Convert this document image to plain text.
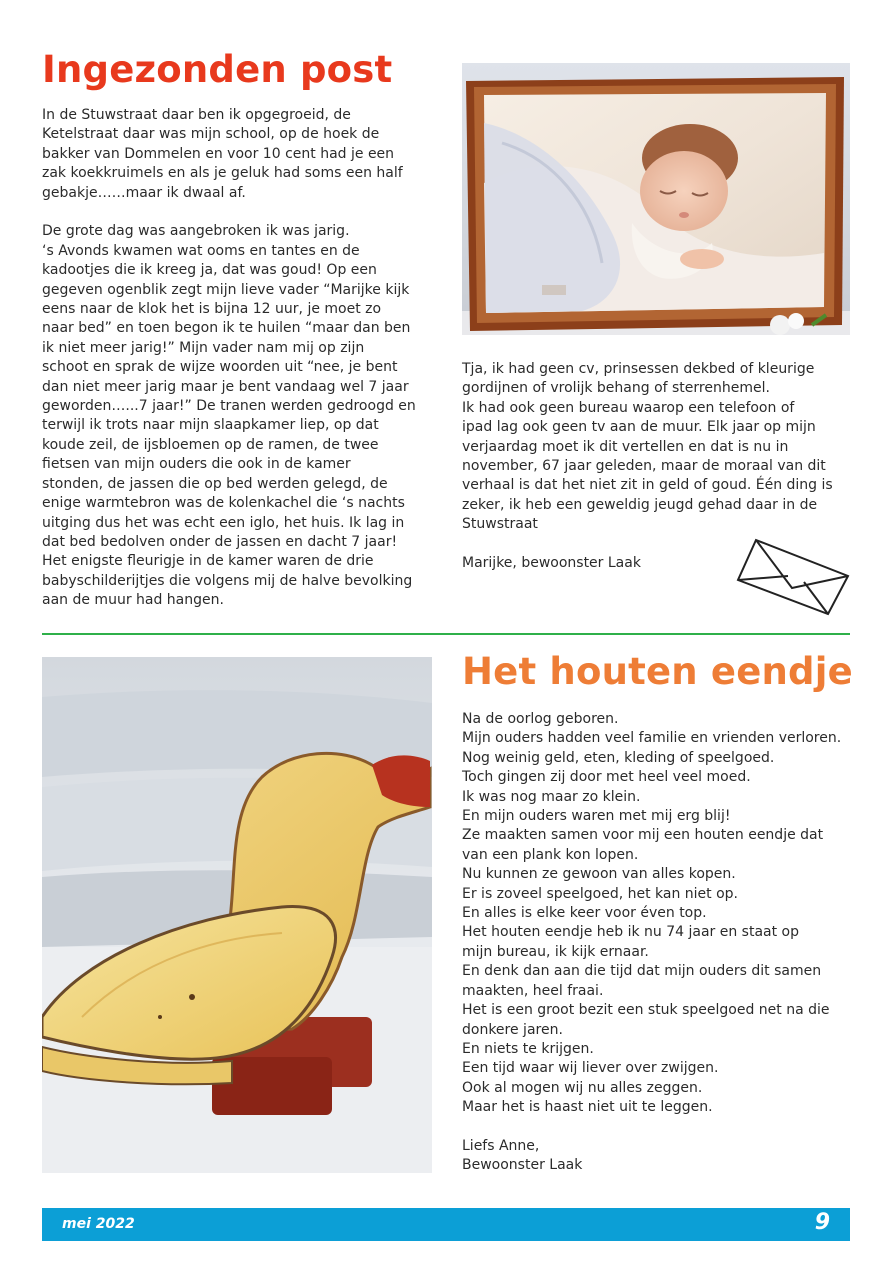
Ingezonden post

In de Stuwstraat daar ben ik opgegroeid, de
Ketelstraat daar was mijn school, op de hoek de
bakker van Dommelen en voor 10 cent had je een
zak koekkruimels en als je geluk had soms een half
gebakje……maar ik dwaal af.

De grote dag was aangebroken ik was jarig.
‘s Avonds kwamen wat ooms en tantes en de
kadootjes die ik kreeg ja, dat was goud! Op een
gegeven ogenblik zegt mijn lieve vader “Marijke kijk
eens naar de klok het is bijna 12 uur, je moet zo
naar bed” en toen begon ik te huilen “maar dan ben
ik niet meer jarig!” Mijn vader nam mij op zijn
schoot en sprak de wijze woorden uit “nee, je bent
dan niet meer jarig maar je bent vandaag wel 7 jaar
geworden…...7 jaar!” De tranen werden gedroogd en
terwijl ik trots naar mijn slaapkamer liep, op dat
koude zeil, de ijsbloemen op de ramen, de twee
fietsen van mijn ouders die ook in de kamer
stonden, de jassen die op bed werden gelegd, de
enige warmtebron was de kolenkachel die ‘s nachts
uitging dus het was echt een iglo, het huis. Ik lag in
dat bed bedolven onder de jassen en dacht 7 jaar!
Het enigste fleurigje in de kamer waren de drie
babyschilderijtjes die volgens mij de halve bevolking
aan de muur had hangen.

Tja, ik had geen cv, prinsessen dekbed of kleurige
gordijnen of vrolijk behang of sterrenhemel.
Ik had ook geen bureau waarop een telefoon of
ipad lag ook geen tv aan de muur. Elk jaar op mijn
verjaardag moet ik dit vertellen en dat is nu in
november, 67 jaar geleden, maar de moraal van dit
verhaal is dat het niet zit in geld of goud. Één ding is
zeker, ik heb een geweldig jeugd gehad daar in de
Stuwstraat

Marijke, bewoonster Laak

Het houten eendje

Na de oorlog geboren.
Mijn ouders hadden veel familie en vrienden verloren.
Nog weinig geld, eten, kleding of speelgoed.
Toch gingen zij door met heel veel moed.
Ik was nog maar zo klein.
En mijn ouders waren met mij erg blij!
Ze maakten samen voor mij een houten eendje dat
van een plank kon lopen.
Nu kunnen ze gewoon van alles kopen.
Er is zoveel speelgoed, het kan niet op.
En alles is elke keer voor éven top.
Het houten eendje heb ik nu 74 jaar en staat op
mijn bureau, ik kijk ernaar.
En denk dan aan die tijd dat mijn ouders dit samen
maakten, heel fraai.
Het is een groot bezit een stuk speelgoed net na die
donkere jaren.
En niets te krijgen.
Een tijd waar wij liever over zwijgen.
Ook al mogen wij nu alles zeggen.
Maar het is haast niet uit te leggen.

Liefs Anne,
Bewoonster Laak

mei 2022	9
